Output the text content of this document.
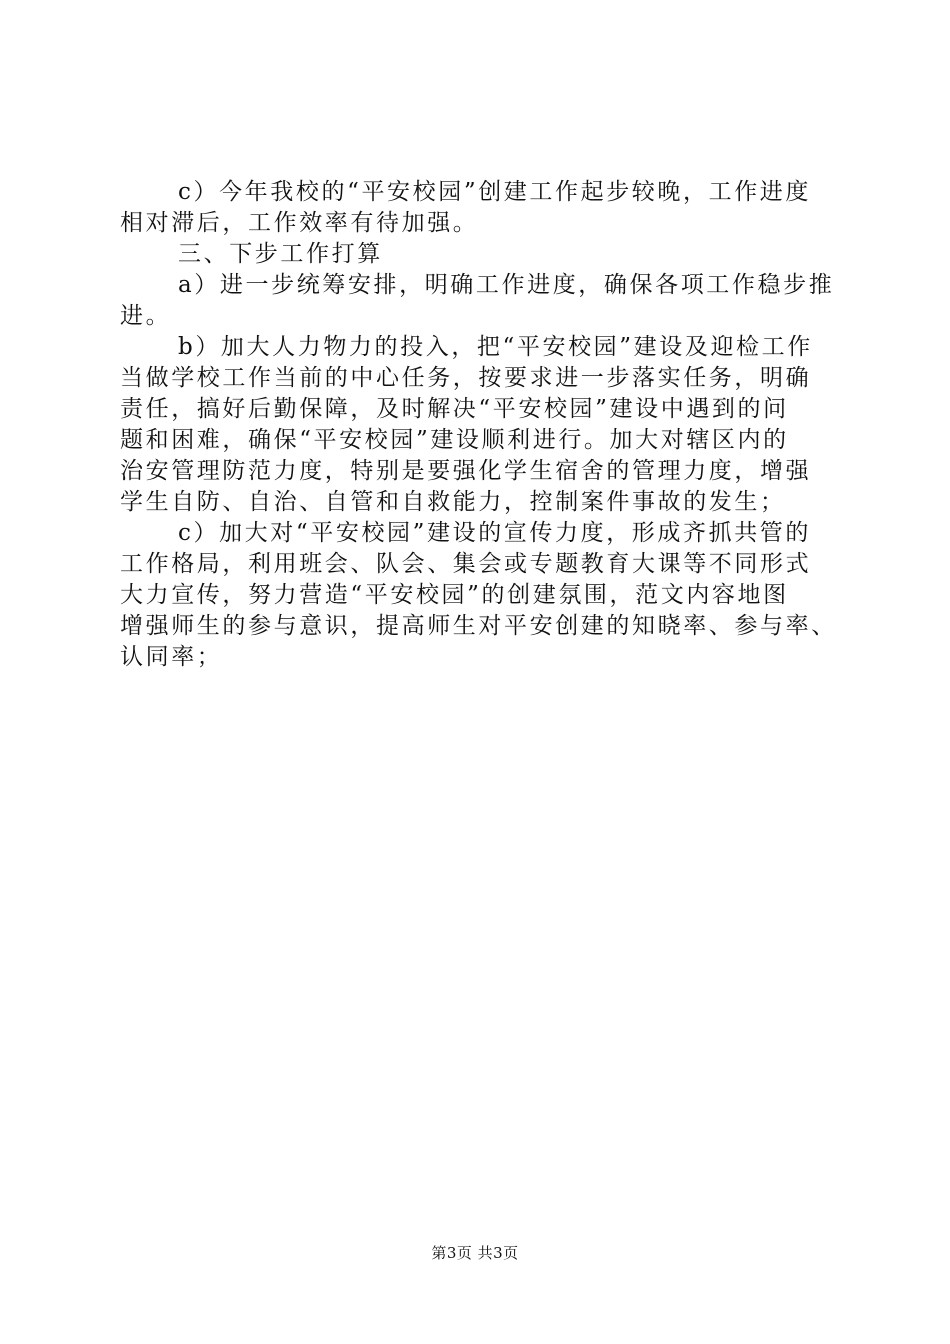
c）今年我校的“平安校园”创建工作起步较晚，工作进度
相对滞后，工作效率有待加强。
三、下步工作打算
a）进一步统筹安排，明确工作进度，确保各项工作稳步推
进。
b）加大人力物力的投入，把“平安校园”建设及迎检工作
当做学校工作当前的中心任务，按要求进一步落实任务，明确
责任，搞好后勤保障，及时解决“平安校园”建设中遇到的问
题和困难，确保“平安校园”建设顺利进行。加大对辖区内的
治安管理防范力度，特别是要强化学生宿舍的管理力度，增强
学生自防、自治、自管和自救能力，控制案件事故的发生；
c）加大对“平安校园”建设的宣传力度，形成齐抓共管的
工作格局，利用班会、队会、集会或专题教育大课等不同形式
大力宣传，努力营造“平安校园”的创建氛围，范文内容地图
增强师生的参与意识，提高师生对平安创建的知晓率、参与率、
认同率；
第3页 共3页
